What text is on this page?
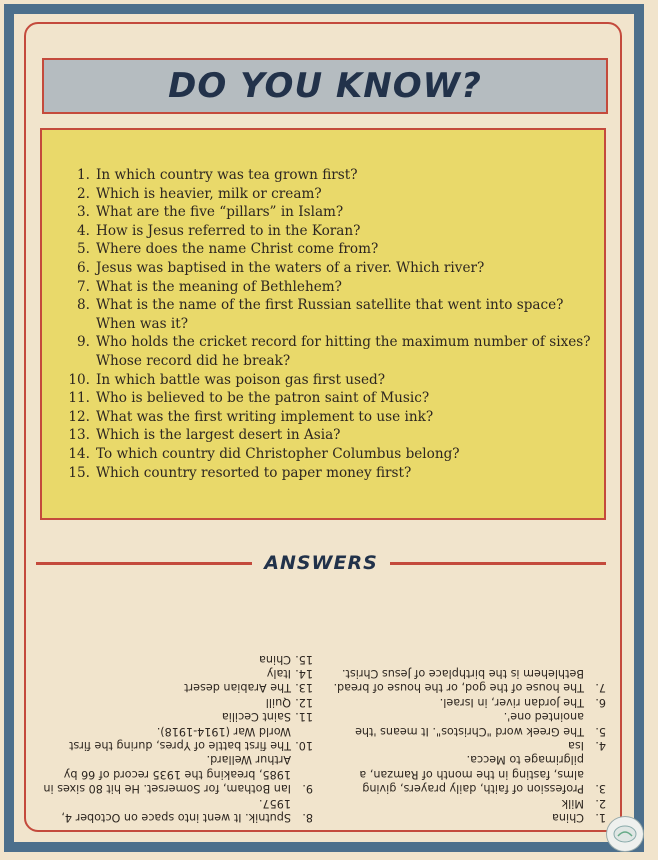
DO YOU KNOW?
1. In which country was tea grown first?
2. Which is heavier, milk or cream?
3. What are the five “pillars” in Islam?
4. How is Jesus referred to in the Koran?
5. Where does the name Christ come from?
6. Jesus was baptised in the waters of a river. Which river?
7. What is the meaning of Bethlehem?
8. What is the name of the first Russian satellite that went into space? When was it?
9. Who holds the cricket record for hitting the maximum number of sixes? Whose record did he break?
10. In which battle was poison gas first used?
11. Who is believed to be the patron saint of Music?
12. What was the first writing implement to use ink?
13. Which is the largest desert in Asia?
14. To which country did Christopher Columbus belong?
15. Which country resorted to paper money first?
ANSWERS
1.
China
2.
Milk
3.
Profession of faith, daily prayers, giving alms, fasting in the month of Ramzan, a pilgrimage to Mecca.
4.
Isa
5.
The Greek word "Christos". It means 'the anointed one'.
6.
The Jordan river, in Israel.
7.
The house of the god, or the house of bread. Bethlehem is the birthplace of Jesus Christ.
8.
Sputnik. It went into space on October 4, 1957.
9.
Ian Botham, for Somerset. He hit 80 sixes in 1985, breaking the 1935 record of 66 by Arthur Wellard.
10.
The first battle of Ypres, during the first World War (1914-1918).
11.
Saint Cecilia
12.
Quill
13.
The Arabian desert
14.
Italy
15.
China
